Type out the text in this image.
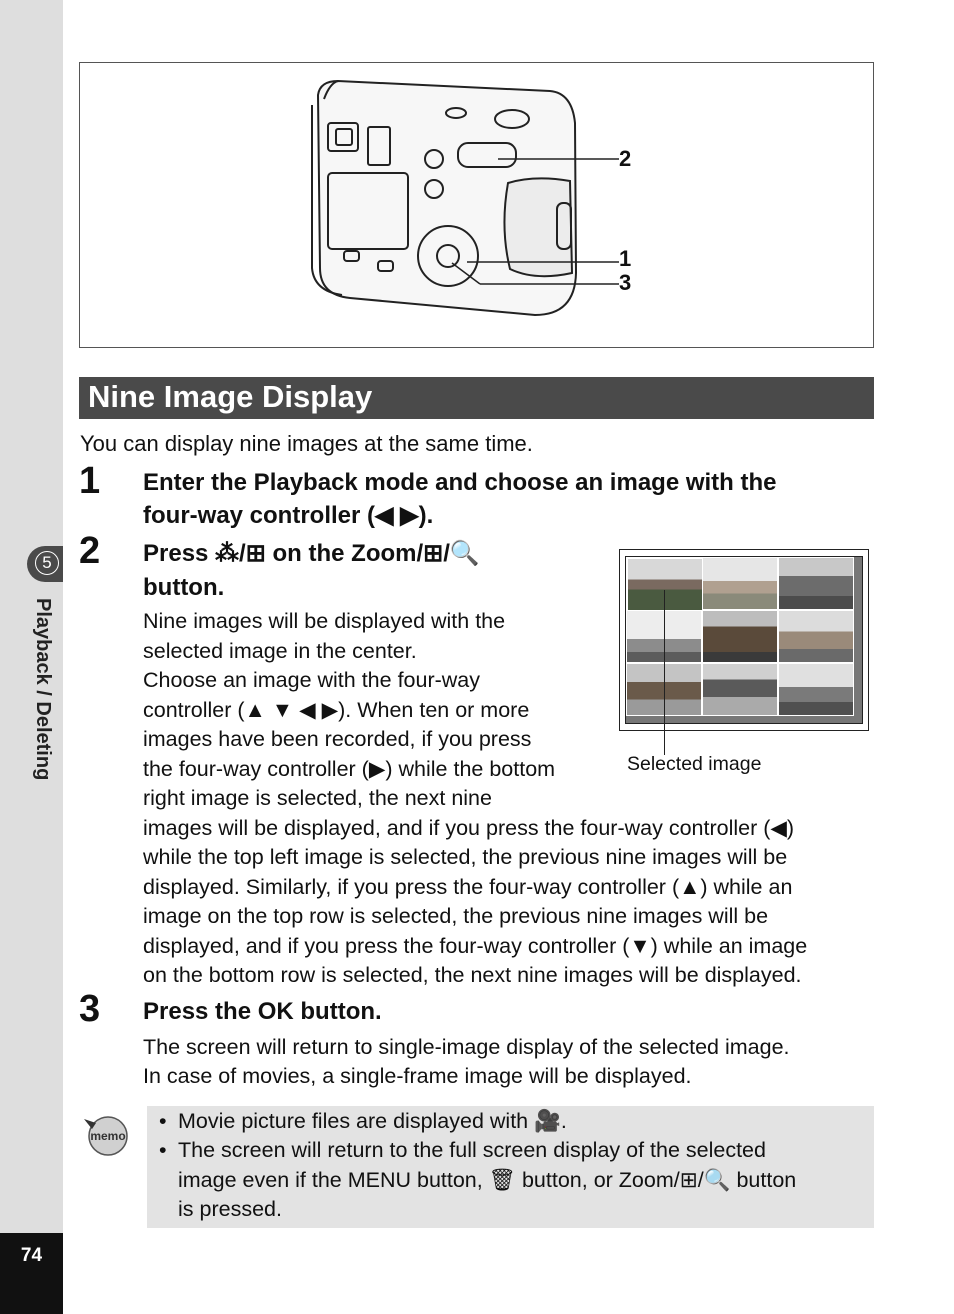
5
Playback / Deleting
74
2
1
3
Nine Image Display
You can display nine images at the same time.
1 Enter the Playback mode and choose an image with the
four-way controller (◀ ▶).
2 Press ⁂/⊞ on the Zoom/⊞/🔍
button.
Nine images will be displayed with the
selected image in the center.
Choose an image with the four-way
controller (▲ ▼ ◀ ▶). When ten or more
images have been recorded, if you press
the four-way controller (▶) while the bottom
right image is selected, the next nine
images will be displayed, and if you press the four-way controller (◀)
while the top left image is selected, the previous nine images will be
displayed. Similarly, if you press the four-way controller (▲) while an
image on the top row is selected, the previous nine images will be
displayed, and if you press the four-way controller (▼) while an image
on the bottom row is selected, the next nine images will be displayed.
Selected image
3 Press the OK button.
The screen will return to single-image display of the selected image.
In case of movies, a single-frame image will be displayed.
memo
• Movie picture files are displayed with 🎥.
• The screen will return to the full screen display of the selected
image even if the MENU button, 🗑 button, or Zoom/⊞/🔍 button
is pressed.
